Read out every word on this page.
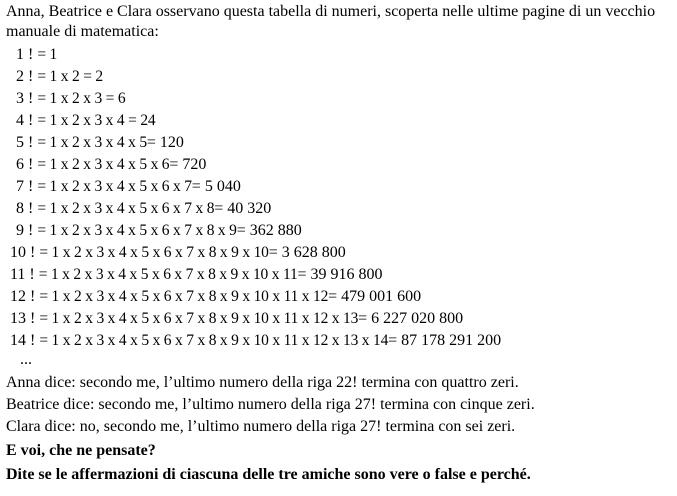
Anna, Beatrice e Clara osservano questa tabella di numeri, scoperta nelle ultime pagine di un vecchio manuale di matematica:

1 ! = 1
2 ! = 1 x 2 = 2
3 ! = 1 x 2 x 3 = 6
4 ! = 1 x 2 x 3 x 4 = 24
5 ! = 1 x 2 x 3 x 4 x 5= 120
6 ! = 1 x 2 x 3 x 4 x 5 x 6= 720
7 ! = 1 x 2 x 3 x 4 x 5 x 6 x 7= 5 040
8 ! = 1 x 2 x 3 x 4 x 5 x 6 x 7 x 8= 40 320
9 ! = 1 x 2 x 3 x 4 x 5 x 6 x 7 x 8 x 9= 362 880
10 ! = 1 x 2 x 3 x 4 x 5 x 6 x 7 x 8 x 9 x 10= 3 628 800
11 ! = 1 x 2 x 3 x 4 x 5 x 6 x 7 x 8 x 9 x 10 x 11= 39 916 800
12 ! = 1 x 2 x 3 x 4 x 5 x 6 x 7 x 8 x 9 x 10 x 11 x 12= 479 001 600
13 ! = 1 x 2 x 3 x 4 x 5 x 6 x 7 x 8 x 9 x 10 x 11 x 12 x 13= 6 227 020 800
14 ! = 1 x 2 x 3 x 4 x 5 x 6 x 7 x 8 x 9 x 10 x 11 x 12 x 13 x 14= 87 178 291 200
...
Anna dice: secondo me, l’ultimo numero della riga 22! termina con quattro zeri.
Beatrice dice: secondo me, l’ultimo numero della riga 27! termina con cinque zeri.
Clara dice: no, secondo me, l’ultimo numero della riga 27! termina con sei zeri.
E voi, che ne pensate?
Dite se le affermazioni di ciascuna delle tre amiche sono vere o false e perché.
